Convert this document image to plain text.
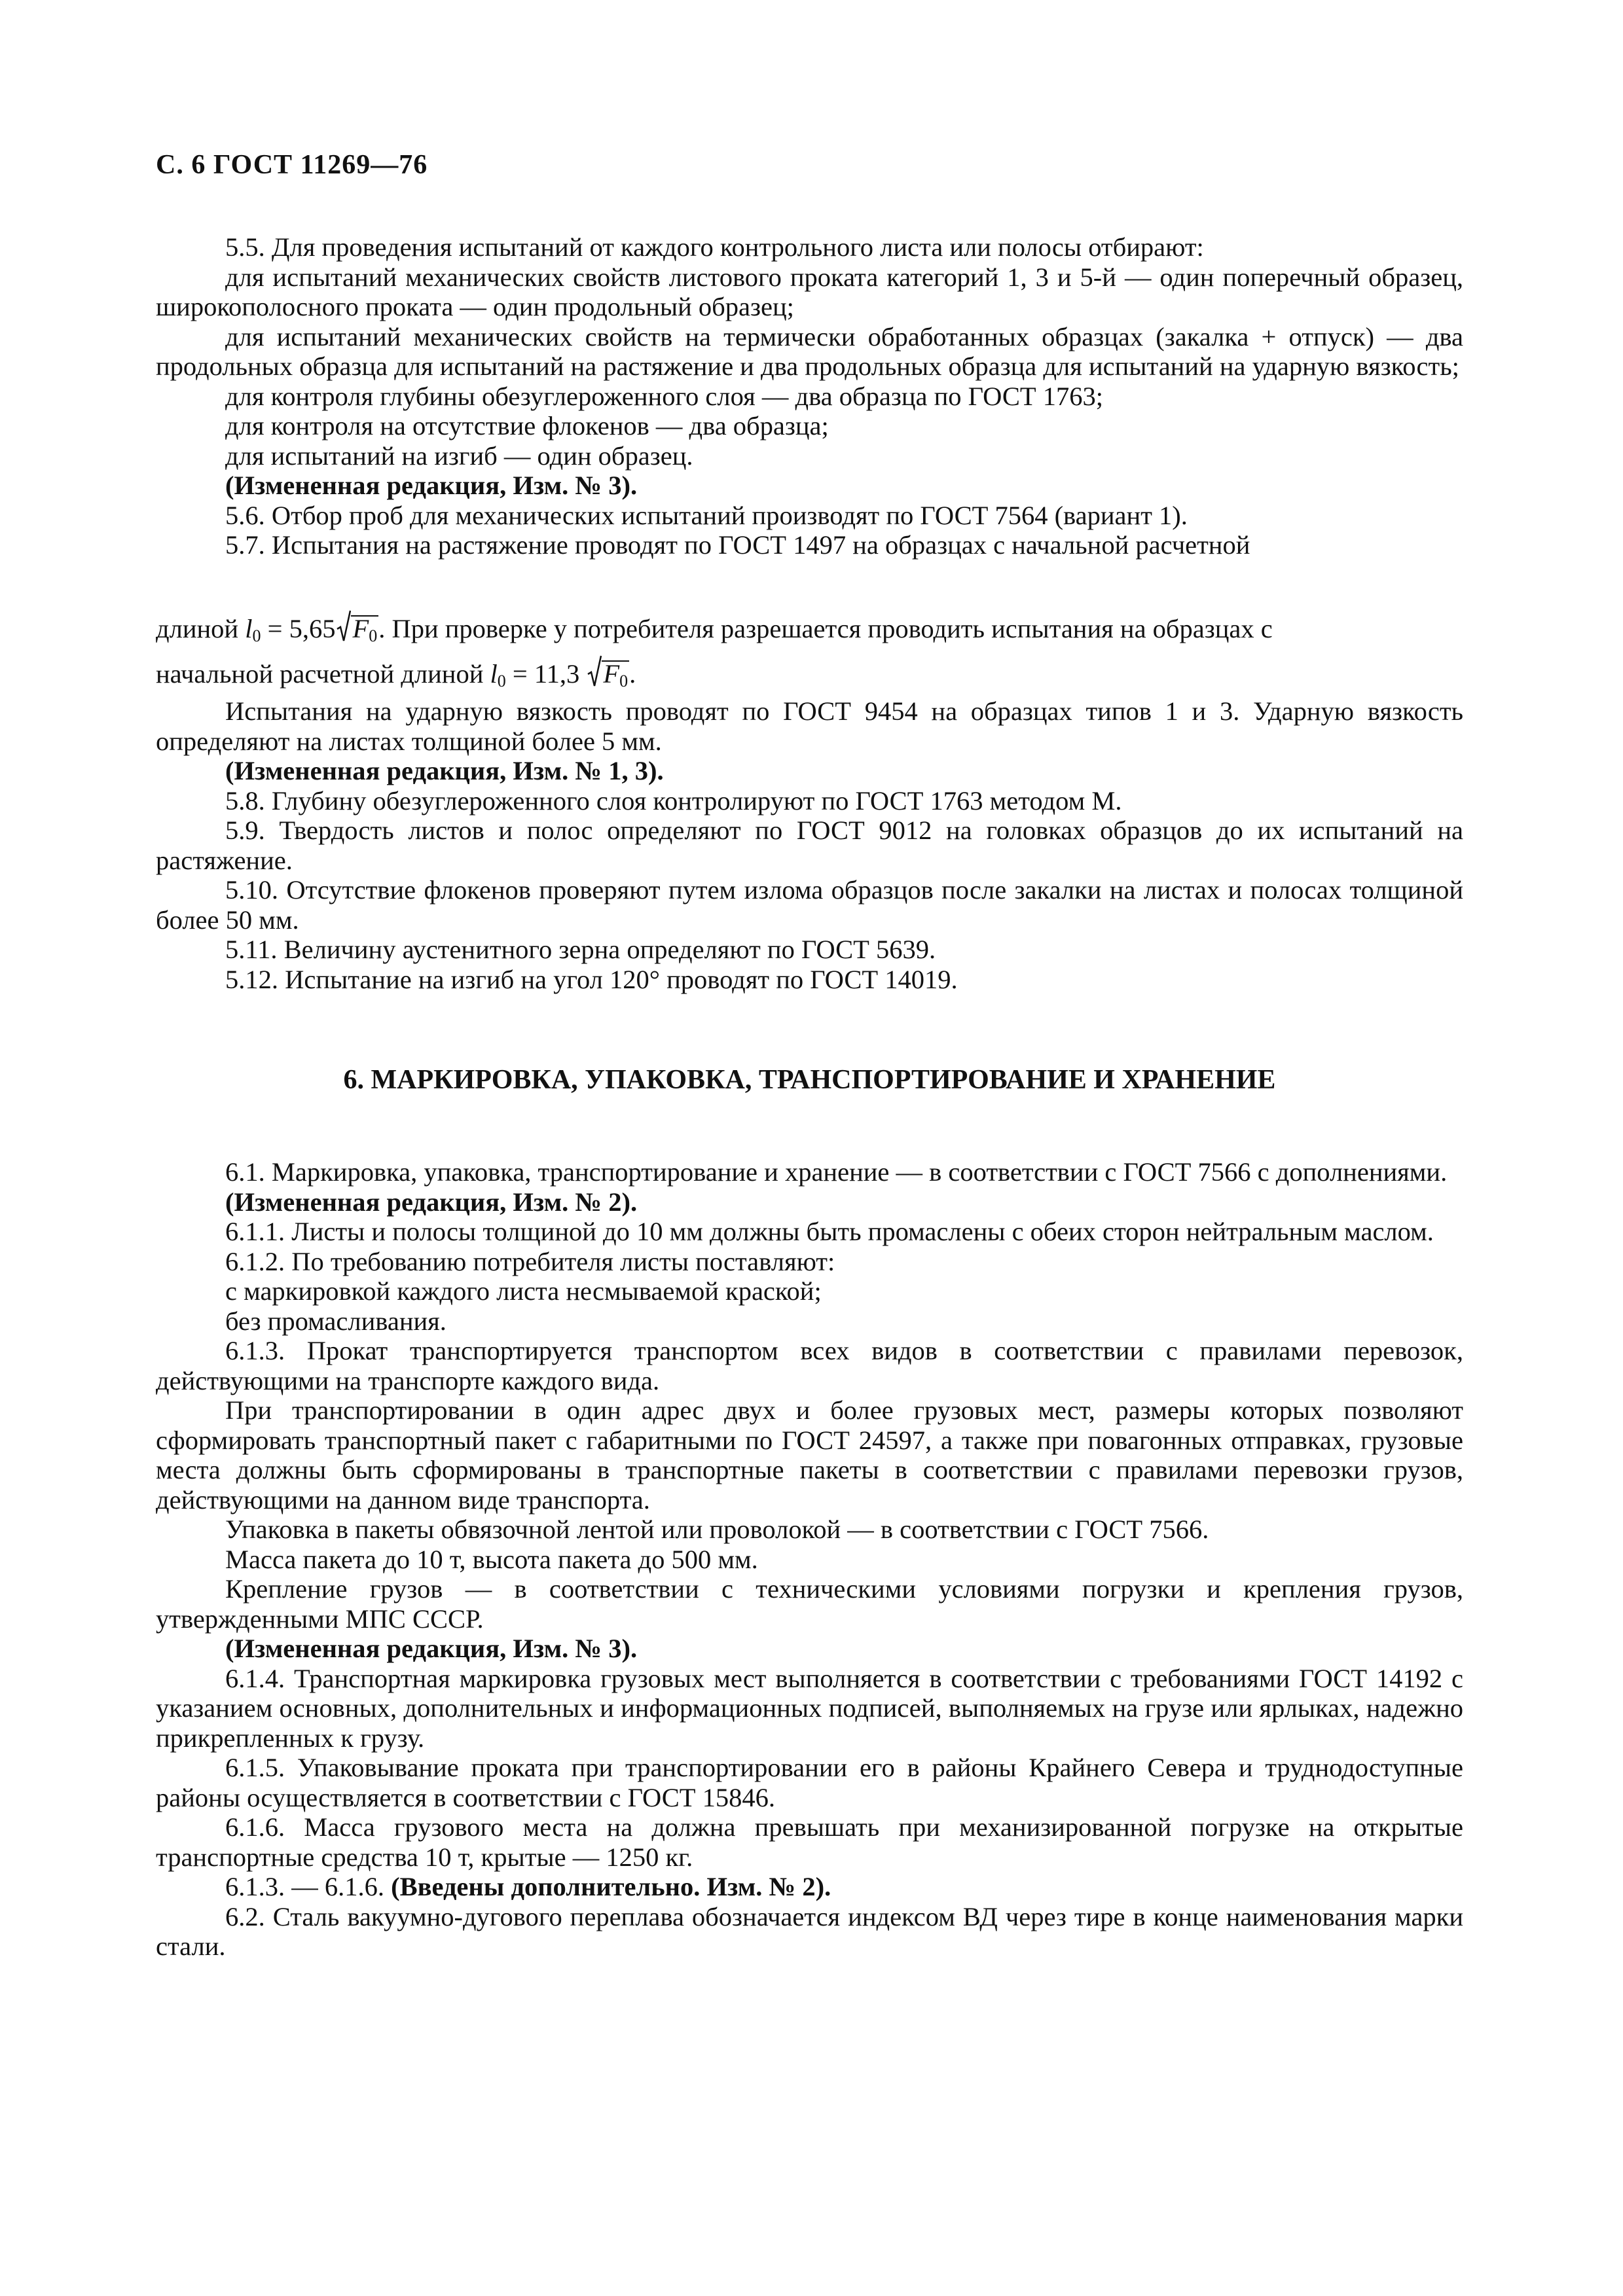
С. 6 ГОСТ 11269—76

5.5. Для проведения испытаний от каждого контрольного листа или полосы отбирают:

для испытаний механических свойств листового проката категорий 1, 3 и 5-й — один поперечный образец, широкополосного проката — один продольный образец;

для испытаний механических свойств на термически обработанных образцах (закалка + отпуск) — два продольных образца для испытаний на растяжение и два продольных образца для испытаний на ударную вязкость;

для контроля глубины обезуглероженного слоя — два образца по ГОСТ 1763;

для контроля на отсутствие флокенов — два образца;

для испытаний на изгиб — один образец.

(Измененная редакция, Изм. № 3).

5.6. Отбор проб для механических испытаний производят по ГОСТ 7564 (вариант 1).

5.7. Испытания на растяжение проводят по ГОСТ 1497 на образцах с начальной расчетной

длиной $l_0 = 5,65$ $F_0$. При проверке у потребителя разрешается проводить испытания на образцах с
начальной расчетной длиной $l_0 = 11,3$
$F_0$.

Испытания на ударную вязкость проводят по ГОСТ 9454 на образцах типов 1 и 3. Ударную вязкость определяют на листах толщиной более 5 мм.

(Измененная редакция, Изм. № 1, 3).

5.8. Глубину обезуглероженного слоя контролируют по ГОСТ 1763 методом М.

5.9. Твердость листов и полос определяют по ГОСТ 9012 на головках образцов до их испытаний на растяжение.

5.10. Отсутствие флокенов проверяют путем излома образцов после закалки на листах и полосах толщиной более 50 мм.

5.11. Величину аустенитного зерна определяют по ГОСТ 5639.

5.12. Испытание на изгиб на угол 120° проводят по ГОСТ 14019.

6. МАРКИРОВКА, УПАКОВКА, ТРАНСПОРТИРОВАНИЕ И ХРАНЕНИЕ

6.1. Маркировка, упаковка, транспортирование и хранение — в соответствии с ГОСТ 7566 с дополнениями.

(Измененная редакция, Изм. № 2).

6.1.1. Листы и полосы толщиной до 10 мм должны быть промаслены с обеих сторон нейтральным маслом.

6.1.2. По требованию потребителя листы поставляют:

с маркировкой каждого листа несмываемой краской;

без промасливания.

6.1.3. Прокат транспортируется транспортом всех видов в соответствии с правилами перевозок, действующими на транспорте каждого вида.

При транспортировании в один адрес двух и более грузовых мест, размеры которых позволяют сформировать транспортный пакет с габаритными по ГОСТ 24597, а также при повагонных отправках, грузовые места должны быть сформированы в транспортные пакеты в соответствии с правилами перевозки грузов, действующими на данном виде транспорта.

Упаковка в пакеты обвязочной лентой или проволокой — в соответствии с ГОСТ 7566.

Масса пакета до 10 т, высота пакета до 500 мм.

Крепление грузов — в соответствии с техническими условиями погрузки и крепления грузов, утвержденными МПС СССР.

(Измененная редакция, Изм. № 3).

6.1.4. Транспортная маркировка грузовых мест выполняется в соответствии с требованиями ГОСТ 14192 с указанием основных, дополнительных и информационных подписей, выполняемых на грузе или ярлыках, надежно прикрепленных к грузу.

6.1.5. Упаковывание проката при транспортировании его в районы Крайнего Севера и труднодоступные районы осуществляется в соответствии с ГОСТ 15846.

6.1.6. Масса грузового места на должна превышать при механизированной погрузке на открытые транспортные средства 10 т, крытые — 1250 кг.

6.1.3. — 6.1.6. (Введены дополнительно. Изм. № 2).

6.2. Сталь вакуумно-дугового переплава обозначается индексом ВД через тире в конце наименования марки стали.
